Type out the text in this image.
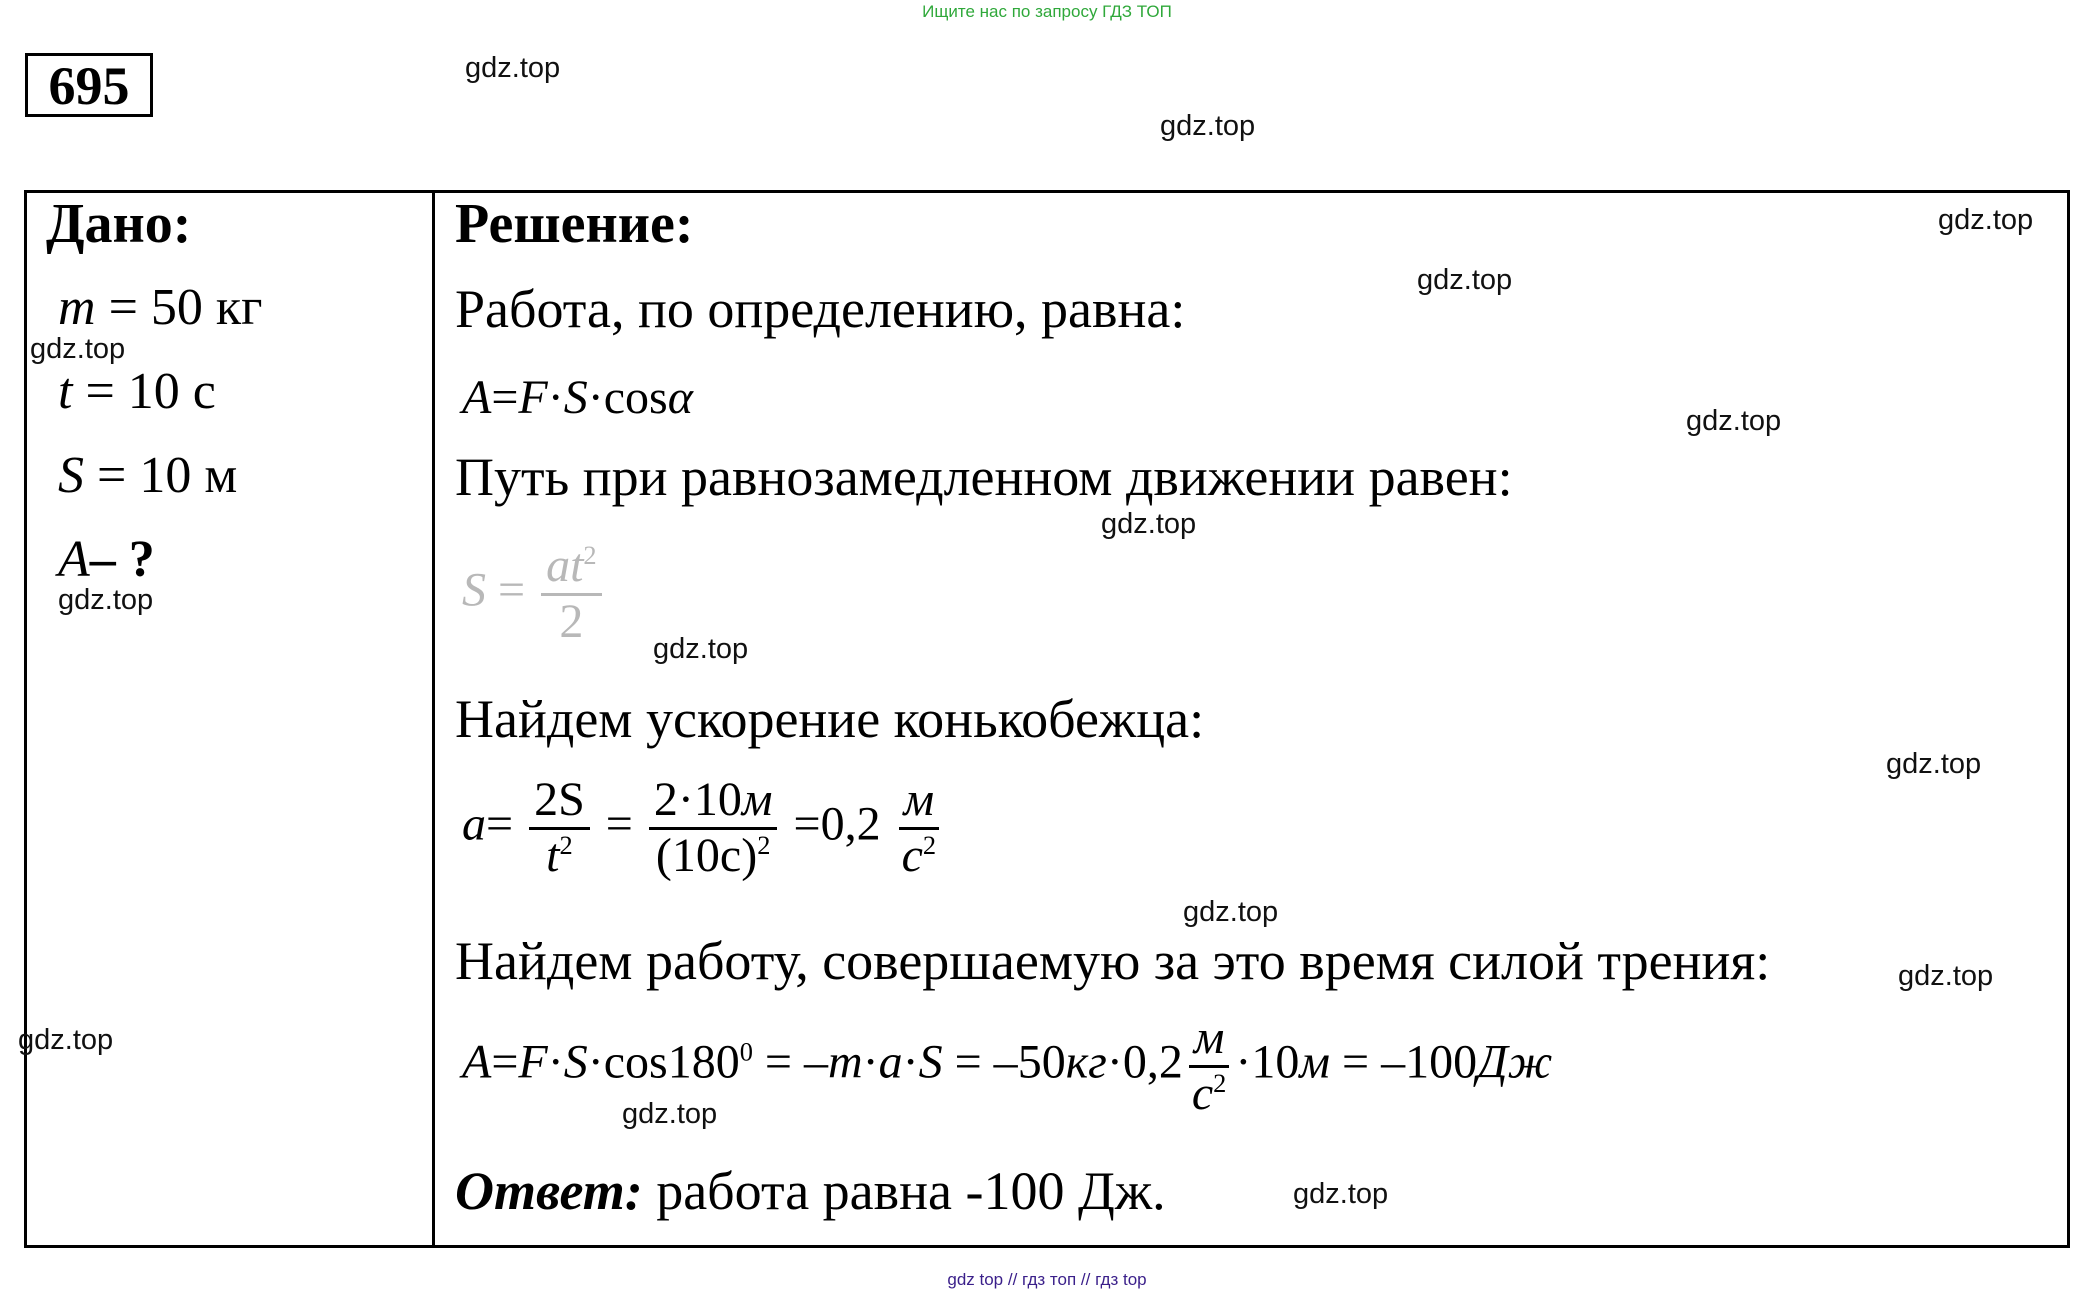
Ищите нас по запросу ГДЗ ТОП
695
Дано:
m = 50 кг
t = 10 с
S = 10 м
A– ?
Решение:
Работа, по определению, равна:
A=F·S·cosα
Путь при равнозамедленном движении равен:
$S = \frac{at^2}{2}$
Найдем ускорение конькобежца:
$a= \frac{2S}{t^2} = \frac{2\cdot 10м}{(10с)^2} =0,2 \frac{м}{с^2}$
Найдем работу, совершаемую за это время силой трения:
$A=F\cdot S\cdot\cos 180^0 = -m\cdot a\cdot S = -50кг\cdot 0,2 \frac{м}{с^2} \cdot 10м = -100Дж$
Ответ: работа равна -100 Дж.
gdz.top
gdz.top
gdz.top
gdz.top
gdz.top
gdz.top
gdz.top
gdz.top
gdz.top
gdz.top
gdz.top
gdz.top
gdz.top
gdz.top
gdz.top
gdz top // гдз топ // гдз top
